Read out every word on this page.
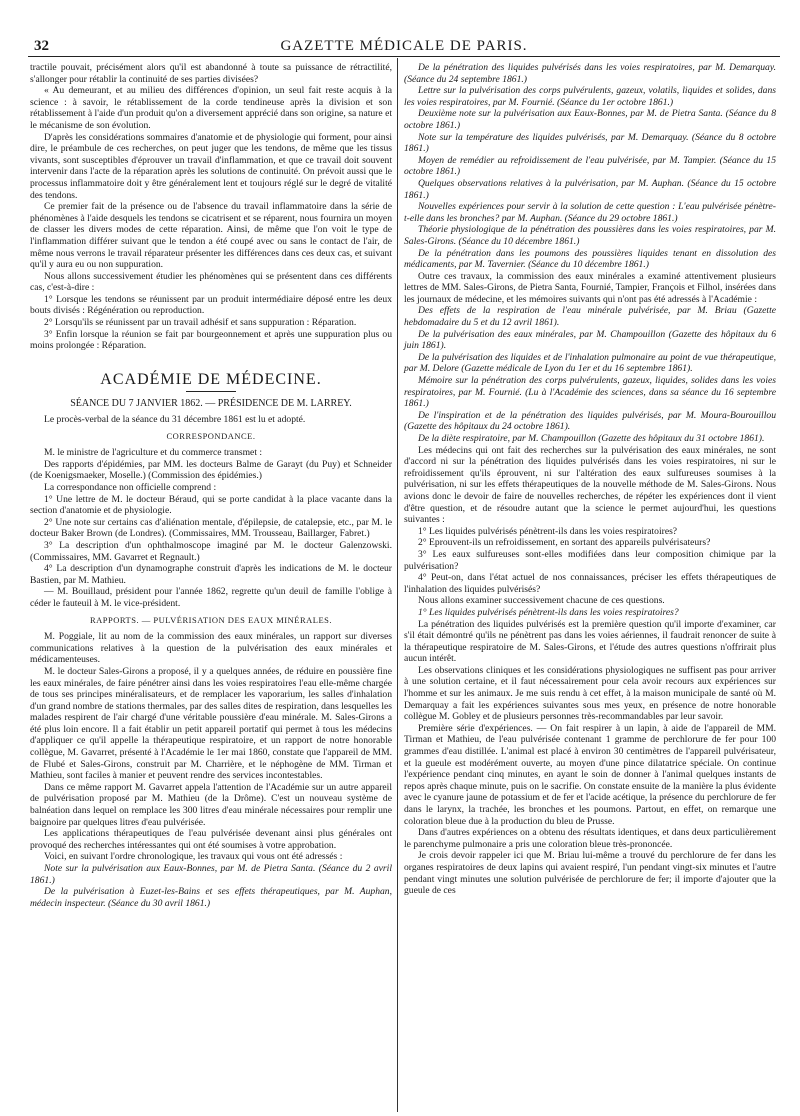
32	GAZETTE MÉDICALE DE PARIS.

tractile pouvait, précisément alors qu'il est abandonné à toute sa puissance de rétractilité, s'allonger pour rétablir la continuité de ses parties divisées?

« Au demeurant, et au milieu des différences d'opinion, un seul fait reste acquis à la science : à savoir, le rétablissement de la corde tendineuse après la division et son rétablissement à l'aide d'un produit qu'on a diversement apprécié dans son origine, sa nature et le mécanisme de son évolution.

D'après les considérations sommaires d'anatomie et de physiologie qui forment, pour ainsi dire, le préambule de ces recherches, on peut juger que les tendons, de même que les tissus vivants, sont susceptibles d'éprouver un travail d'inflammation, et que ce travail doit souvent intervenir dans l'acte de la réparation après les solutions de continuité. On prévoit aussi que le processus inflammatoire doit y être généralement lent et toujours réglé sur le degré de vitalité des tendons.

Ce premier fait de la présence ou de l'absence du travail inflammatoire dans la série de phénomènes à l'aide desquels les tendons se cicatrisent et se réparent, nous fournira un moyen de classer les divers modes de cette réparation. Ainsi, de même que l'on voit le type de l'inflammation différer suivant que le tendon a été coupé avec ou sans le contact de l'air, de même nous verrons le travail réparateur présenter les différences dans ces deux cas, et suivant qu'il y aura eu ou non suppuration.

Nous allons successivement étudier les phénomènes qui se présentent dans ces différents cas, c'est-à-dire :

1° Lorsque les tendons se réunissent par un produit intermédiaire déposé entre les deux bouts divisés : Régénération ou reproduction.

2° Lorsqu'ils se réunissent par un travail adhésif et sans suppuration : Réparation.

3° Enfin lorsque la réunion se fait par bourgeonnement et après une suppuration plus ou moins prolongée : Réparation.

ACADÉMIE DE MÉDECINE.

SÉANCE DU 7 JANVIER 1862. — PRÉSIDENCE DE M. LARREY.

Le procès-verbal de la séance du 31 décembre 1861 est lu et adopté.

CORRESPONDANCE.

M. le ministre de l'agriculture et du commerce transmet :

Des rapports d'épidémies, par MM. les docteurs Balme de Garayt (du Puy) et Schneider (de Koenigsmaeker, Moselle.) (Commission des épidémies.)

La correspondance non officielle comprend :

1° Une lettre de M. le docteur Béraud, qui se porte candidat à la place vacante dans la section d'anatomie et de physiologie.

2° Une note sur certains cas d'aliénation mentale, d'épilepsie, de catalepsie, etc., par M. le docteur Baker Brown (de Londres). (Commissaires, MM. Trousseau, Baillarger, Fabret.)

3° La description d'un ophthalmoscope imaginé par M. le docteur Galenzowski. (Commissaires, MM. Gavarret et Regnault.)

4° La description d'un dynamographe construit d'après les indications de M. le docteur Bastien, par M. Mathieu.

— M. Bouillaud, président pour l'année 1862, regrette qu'un deuil de famille l'oblige à céder le fauteuil à M. le vice-président.

RAPPORTS. — PULVÉRISATION DES EAUX MINÉRALES.

M. Poggiale, lit au nom de la commission des eaux minérales, un rapport sur diverses communications relatives à la question de la pulvérisation des eaux minérales et médicamenteuses.

M. le docteur Sales-Girons a proposé, il y a quelques années, de réduire en poussière fine les eaux minérales, de faire pénétrer ainsi dans les voies respiratoires l'eau elle-même chargée de tous ses principes minéralisateurs, et de remplacer les vaporarium, les salles d'inhalation d'un grand nombre de stations thermales, par des salles dites de respiration, dans lesquelles les malades respirent de l'air chargé d'une véritable poussière d'eau minérale. M. Sales-Girons a été plus loin encore. Il a fait établir un petit appareil portatif qui permet à tous les médecins d'appliquer ce qu'il appelle la thérapeutique respiratoire, et un rapport de notre honorable collègue, M. Gavarret, présenté à l'Académie le 1er mai 1860, constate que l'appareil de MM. de Flubé et Sales-Girons, construit par M. Charrière, et le néphogène de MM. Tirman et Mathieu, sont faciles à manier et peuvent rendre des services incontestables.

Dans ce même rapport M. Gavarret appela l'attention de l'Académie sur un autre appareil de pulvérisation proposé par M. Mathieu (de la Drôme). C'est un nouveau système de balnéation dans lequel on remplace les 300 litres d'eau minérale nécessaires pour remplir une baignoire par quelques litres d'eau pulvérisée.

Les applications thérapeutiques de l'eau pulvérisée devenant ainsi plus générales ont provoqué des recherches intéressantes qui ont été soumises à votre approbation.

Voici, en suivant l'ordre chronologique, les travaux qui vous ont été adressés :

Note sur la pulvérisation aux Eaux-Bonnes, par M. de Pietra Santa. (Séance du 2 avril 1861.)

De la pulvérisation à Euzet-les-Bains et ses effets thérapeutiques, par M. Auphan, médecin inspecteur. (Séance du 30 avril 1861.)

De la pénétration des liquides pulvérisés dans les voies respiratoires, par M. Demarquay. (Séance du 24 septembre 1861.)

Lettre sur la pulvérisation des corps pulvérulents, gazeux, volatils, liquides et solides, dans les voies respiratoires, par M. Fournié. (Séance du 1er octobre 1861.)

Deuxième note sur la pulvérisation aux Eaux-Bonnes, par M. de Pietra Santa. (Séance du 8 octobre 1861.)

Note sur la température des liquides pulvérisés, par M. Demarquay. (Séance du 8 octobre 1861.)

Moyen de remédier au refroidissement de l'eau pulvérisée, par M. Tampier. (Séance du 15 octobre 1861.)

Quelques observations relatives à la pulvérisation, par M. Auphan. (Séance du 15 octobre 1861.)

Nouvelles expériences pour servir à la solution de cette question : L'eau pulvérisée pénètre-t-elle dans les bronches? par M. Auphan. (Séance du 29 octobre 1861.)

Théorie physiologique de la pénétration des poussières dans les voies respiratoires, par M. Sales-Girons. (Séance du 10 décembre 1861.)

De la pénétration dans les poumons des poussières liquides tenant en dissolution des médicaments, par M. Tavernier. (Séance du 10 décembre 1861.)

Outre ces travaux, la commission des eaux minérales a examiné attentivement plusieurs lettres de MM. Sales-Girons, de Pietra Santa, Fournié, Tampier, François et Filhol, insérées dans les journaux de médecine, et les mémoires suivants qui n'ont pas été adressés à l'Académie :

Des effets de la respiration de l'eau minérale pulvérisée, par M. Briau (Gazette hebdomadaire du 5 et du 12 avril 1861).

De la pulvérisation des eaux minérales, par M. Champouillon (Gazette des hôpitaux du 6 juin 1861).

De la pulvérisation des liquides et de l'inhalation pulmonaire au point de vue thérapeutique, par M. Delore (Gazette médicale de Lyon du 1er et du 16 septembre 1861).

Mémoire sur la pénétration des corps pulvérulents, gazeux, liquides, solides dans les voies respiratoires, par M. Fournié. (Lu à l'Académie des sciences, dans sa séance du 16 septembre 1861.)

De l'inspiration et de la pénétration des liquides pulvérisés, par M. Moura-Bourouillou (Gazette des hôpitaux du 24 octobre 1861).

De la diète respiratoire, par M. Champouillon (Gazette des hôpitaux du 31 octobre 1861).

Les médecins qui ont fait des recherches sur la pulvérisation des eaux minérales, ne sont d'accord ni sur la pénétration des liquides pulvérisés dans les voies respiratoires, ni sur le refroidissement qu'ils éprouvent, ni sur l'altération des eaux sulfureuses soumises à la pulvérisation, ni sur les effets thérapeutiques de la nouvelle méthode de M. Sales-Girons. Nous avions donc le devoir de faire de nouvelles recherches, de répéter les expériences dont il vient d'être question, et de résoudre autant que la science le permet aujourd'hui, les questions suivantes :

1° Les liquides pulvérisés pénètrent-ils dans les voies respiratoires?

2° Eprouvent-ils un refroidissement, en sortant des appareils pulvérisateurs?

3° Les eaux sulfureuses sont-elles modifiées dans leur composition chimique par la pulvérisation?

4° Peut-on, dans l'état actuel de nos connaissances, préciser les effets thérapeutiques de l'inhalation des liquides pulvérisés?

Nous allons examiner successivement chacune de ces questions.

1° Les liquides pulvérisés pénètrent-ils dans les voies respiratoires?

La pénétration des liquides pulvérisés est la première question qu'il importe d'examiner, car s'il était démontré qu'ils ne pénètrent pas dans les voies aériennes, il faudrait renoncer de suite à la thérapeutique respiratoire de M. Sales-Girons, et l'étude des autres questions n'offrirait plus aucun intérêt.

Les observations cliniques et les considérations physiologiques ne suffisent pas pour arriver à une solution certaine, et il faut nécessairement pour cela avoir recours aux expériences sur l'homme et sur les animaux. Je me suis rendu à cet effet, à la maison municipale de santé où M. Demarquay a fait les expériences suivantes sous mes yeux, en présence de notre honorable collègue M. Gobley et de plusieurs personnes très-recommandables par leur savoir.

Première série d'expériences. — On fait respirer à un lapin, à aide de l'appareil de MM. Tirman et Mathieu, de l'eau pulvérisée contenant 1 gramme de perchlorure de fer pour 100 grammes d'eau distillée. L'animal est placé à environ 30 centimètres de l'appareil pulvérisateur, et la gueule est modérément ouverte, au moyen d'une pince dilatatrice spéciale. On continue l'expérience pendant cinq minutes, en ayant le soin de donner à l'animal quelques instants de repos après chaque minute, puis on le sacrifie. On constate ensuite de la manière la plus évidente avec le cyanure jaune de potassium et de fer et l'acide acétique, la présence du perchlorure de fer dans le larynx, la trachée, les bronches et les poumons. Partout, en effet, on remarque une coloration bleue due à la production du bleu de Prusse.

Dans d'autres expériences on a obtenu des résultats identiques, et dans deux particulièrement le parenchyme pulmonaire a pris une coloration bleue très-prononcée.

Je crois devoir rappeler ici que M. Briau lui-même a trouvé du perchlorure de fer dans les organes respiratoires de deux lapins qui avaient respiré, l'un pendant vingt-six minutes et l'autre pendant vingt minutes une solution pulvérisée de perchlorure de fer; il importe d'ajouter que la gueule de ces
